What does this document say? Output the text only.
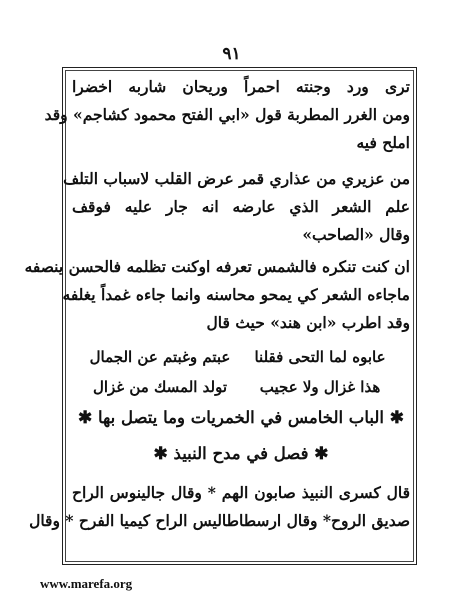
٩١
ترى ورد وجنته احمراً وريحان شاربه اخضرا
ومن الغرر المطربة قول «ابي الفتح محمود كشاجم» وقد
املح فيه
من عزيري من عذاري قمر عرض القلب لاسباب التلف
علم الشعر الذي عارضه انه جار عليه فوقف
وقال «الصاحب»
ان كنت تنكره فالشمس تعرفه اوكنت تظلمه فالحسن ينصفه
ماجاءه الشعر كي يمحو محاسنه وانما جاءه غمداً يغلفه
وقد اطرب «ابن هند» حيث قال
عابوه لما التحى فقلنا
عبتم وغبتم عن الجمال
هذا غزال ولا عجيب
تولد المسك من غزال
✱ الباب الخامس في الخمريات وما يتصل بها ✱
✱ فصل في مدح النبيذ ✱
قال كسرى النبيذ صابون الهم * وقال جالينوس الراح
صديق الروح* وقال ارسطاطاليس الراح كيميا الفرح * وقال
www.marefa.org
